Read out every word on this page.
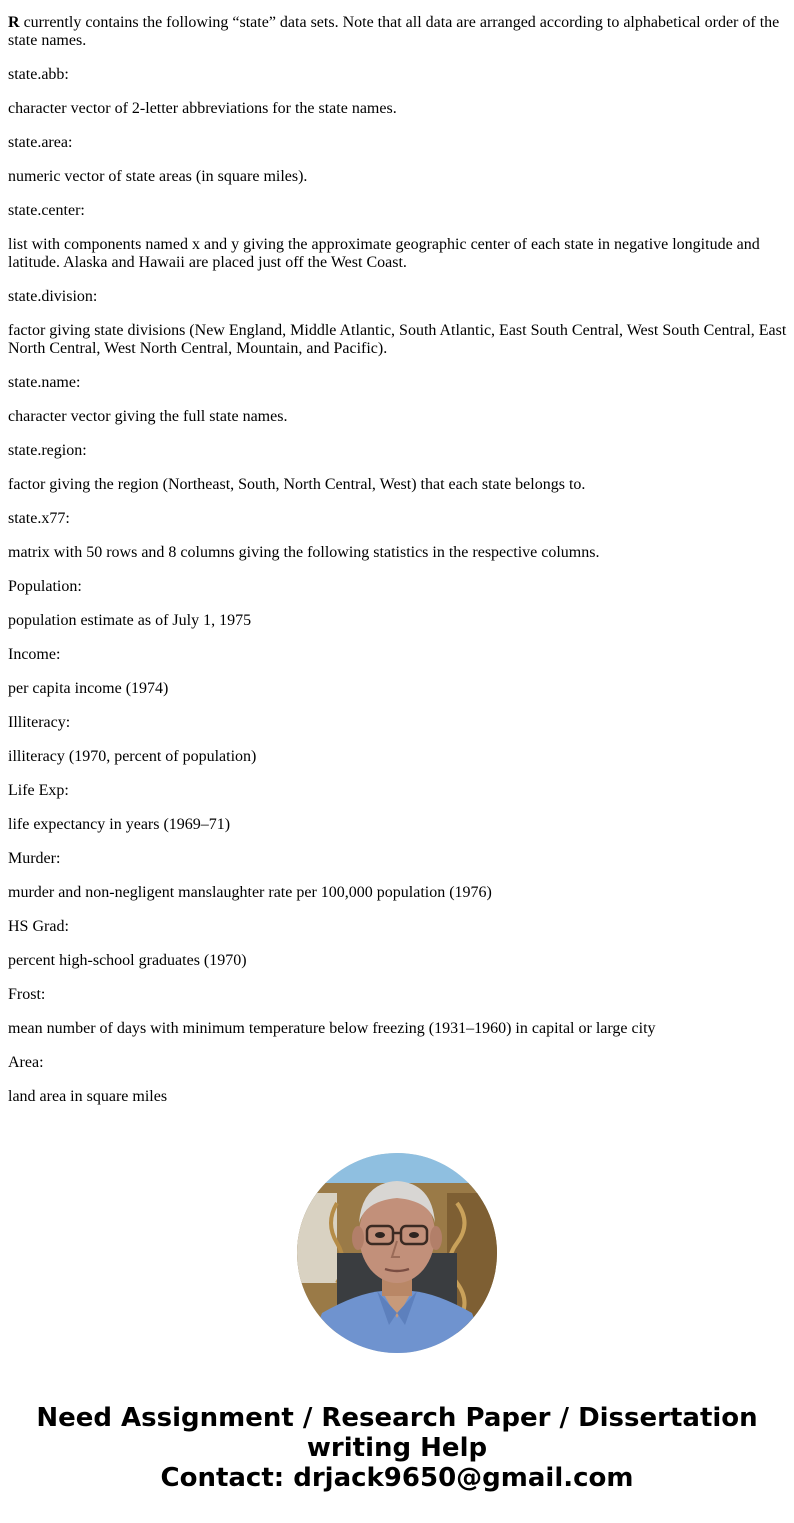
R currently contains the following “state” data sets. Note that all data are arranged according to alphabetical order of the state names.

state.abb:

character vector of 2-letter abbreviations for the state names.

state.area:

numeric vector of state areas (in square miles).

state.center:

list with components named x and y giving the approximate geographic center of each state in negative longitude and latitude. Alaska and Hawaii are placed just off the West Coast.

state.division:

factor giving state divisions (New England, Middle Atlantic, South Atlantic, East South Central, West South Central, East North Central, West North Central, Mountain, and Pacific).

state.name:

character vector giving the full state names.

state.region:

factor giving the region (Northeast, South, North Central, West) that each state belongs to.

state.x77:

matrix with 50 rows and 8 columns giving the following statistics in the respective columns.

Population:

population estimate as of July 1, 1975

Income:

per capita income (1974)

Illiteracy:

illiteracy (1970, percent of population)

Life Exp:

life expectancy in years (1969–71)

Murder:

murder and non-negligent manslaughter rate per 100,000 population (1976)

HS Grad:

percent high-school graduates (1970)

Frost:

mean number of days with minimum temperature below freezing (1931–1960) in capital or large city

Area:

land area in square miles

Need Assignment / Research Paper / Dissertation
writing Help
Contact: drjack9650@gmail.com
